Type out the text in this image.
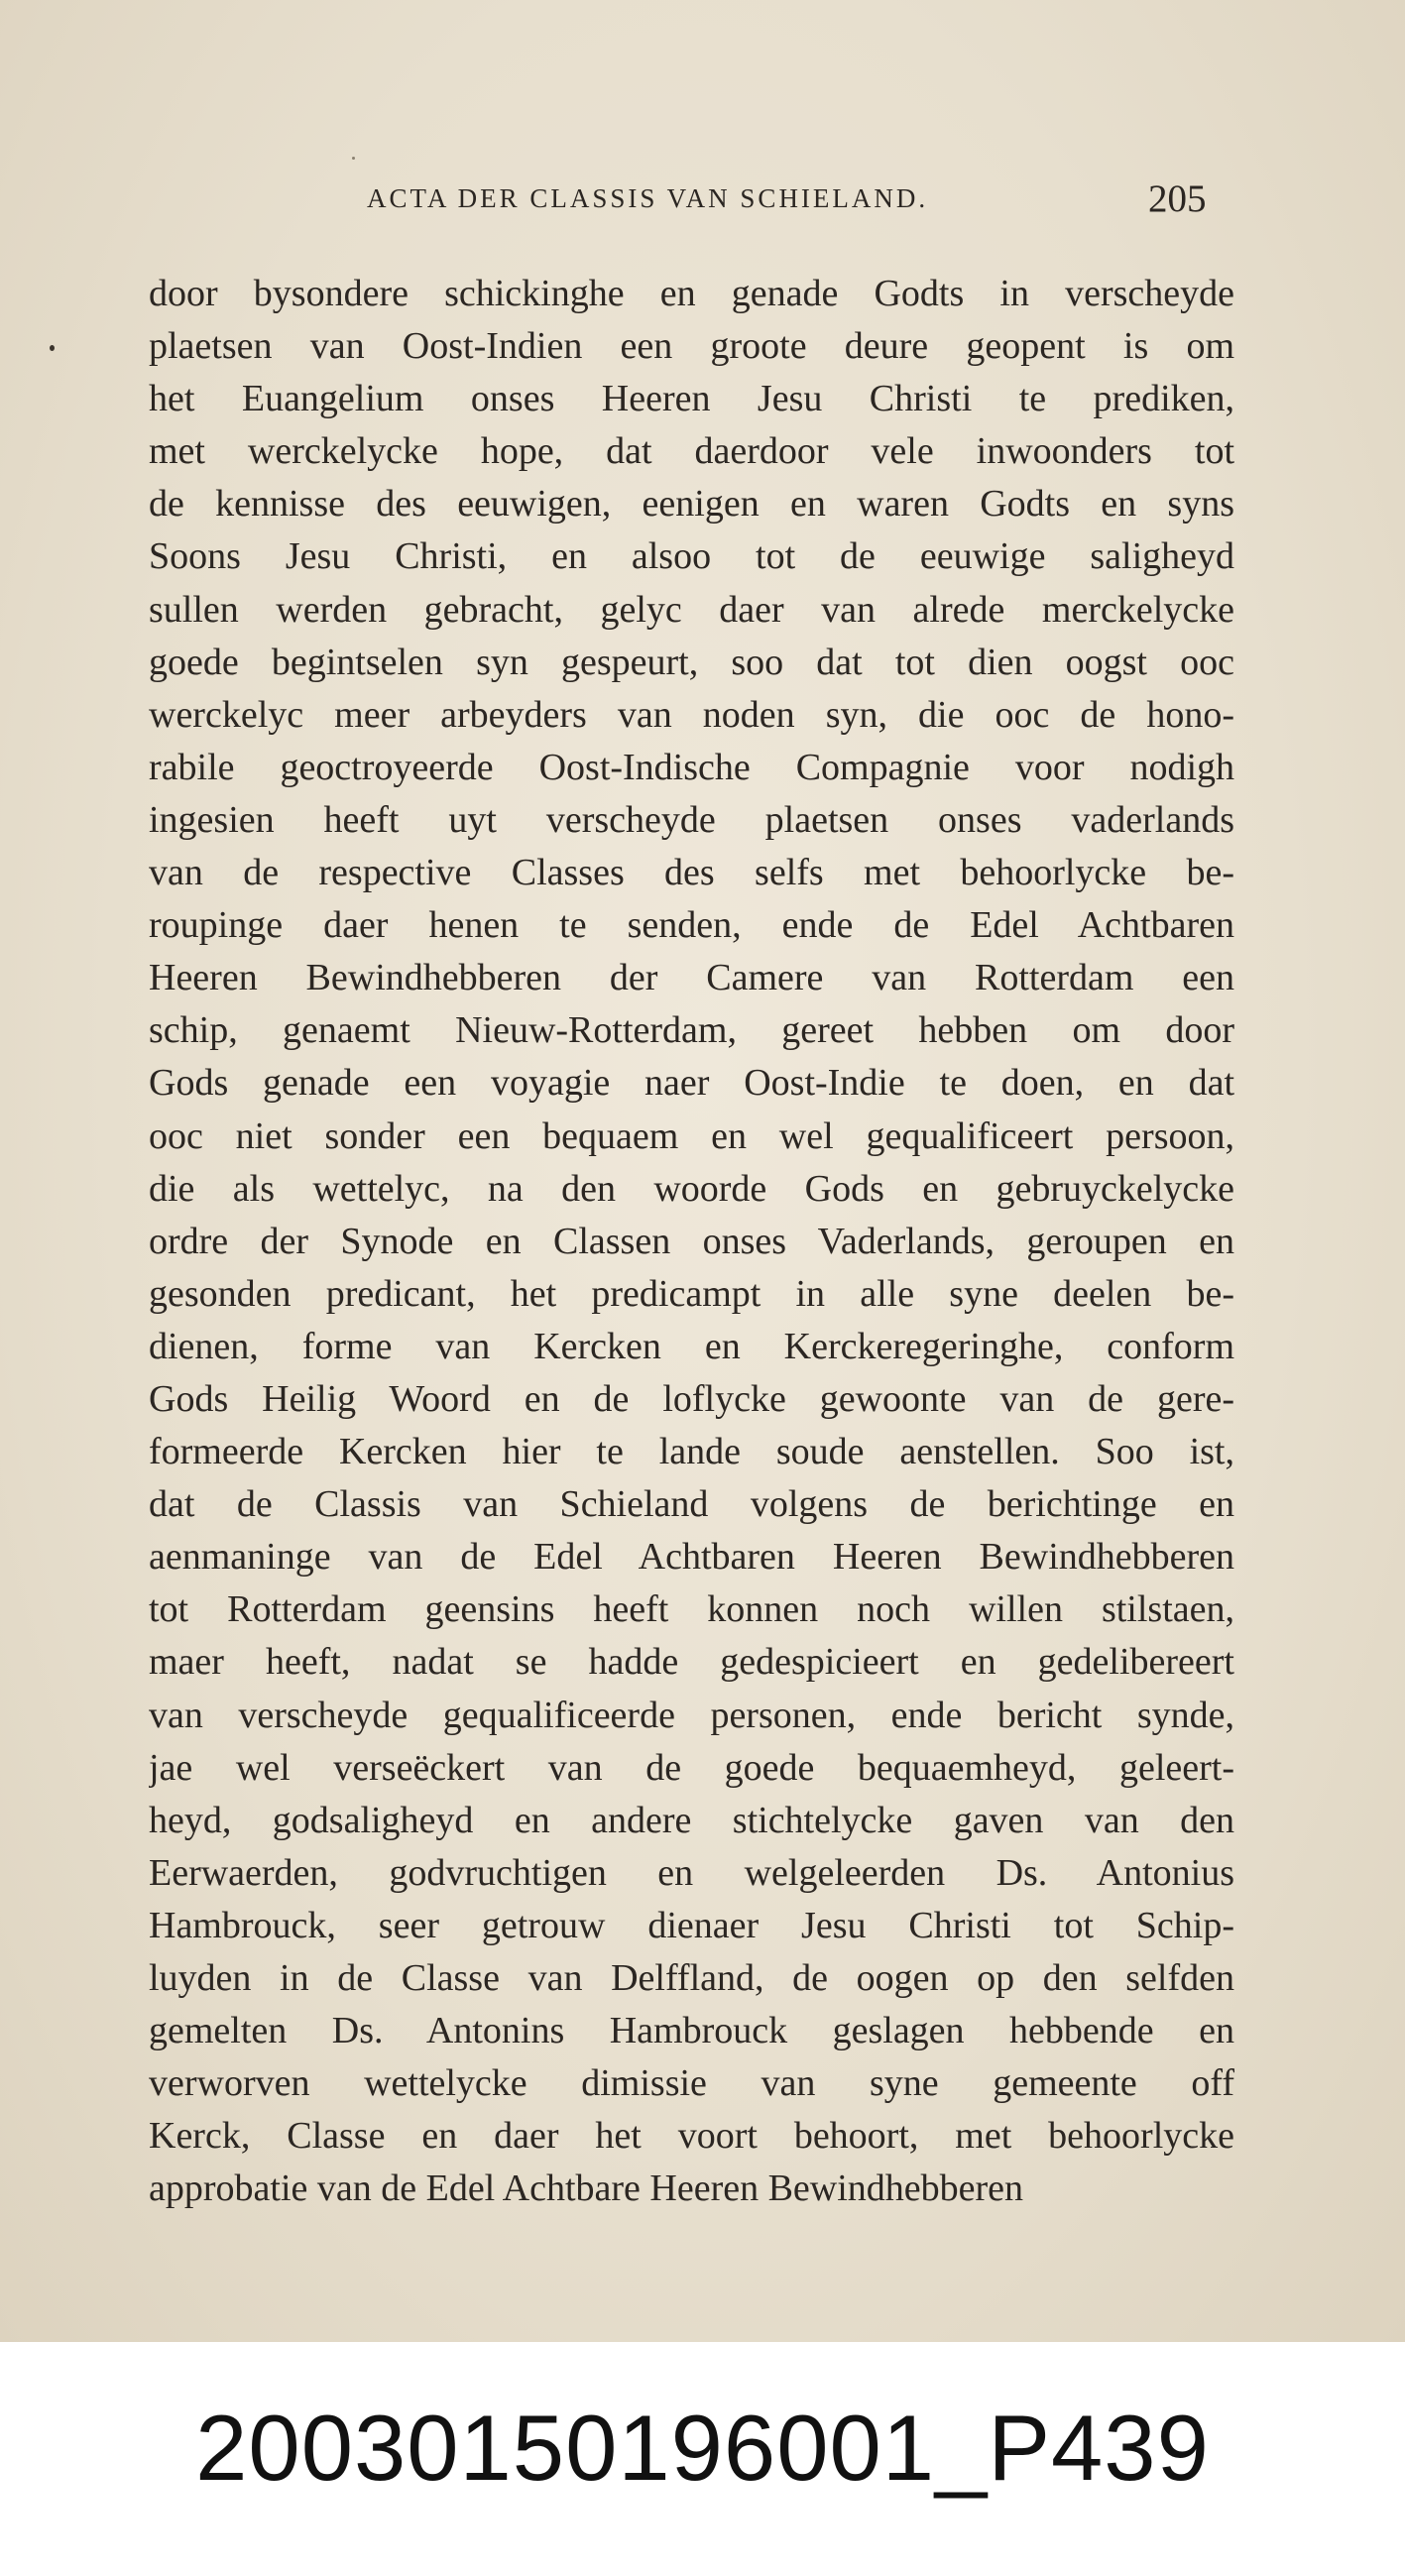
ACTA DER CLASSIS VAN SCHIELAND.	205
door bysondere schickinghe en genade Godts in verscheyde
plaetsen van Oost-Indien een groote deure geopent is om
het Euangelium onses Heeren Jesu Christi te prediken,
met werckelycke hope, dat daerdoor vele inwoonders tot
de kennisse des eeuwigen, eenigen en waren Godts en syns
Soons Jesu Christi, en alsoo tot de eeuwige saligheyd
sullen werden gebracht, gelyc daer van alrede merckelycke
goede begintselen syn gespeurt, soo dat tot dien oogst ooc
werckelyc meer arbeyders van noden syn, die ooc de hono-
rabile geoctroyeerde Oost-Indische Compagnie voor nodigh
ingesien heeft uyt verscheyde plaetsen onses vaderlands
van de respective Classes des selfs met behoorlycke be-
roupinge daer henen te senden, ende de Edel Achtbaren
Heeren Bewindhebberen der Camere van Rotterdam een
schip, genaemt Nieuw-Rotterdam, gereet hebben om door
Gods genade een voyagie naer Oost-Indie te doen, en dat
ooc niet sonder een bequaem en wel gequalificeert persoon,
die als wettelyc, na den woorde Gods en gebruyckelycke
ordre der Synode en Classen onses Vaderlands, geroupen en
gesonden predicant, het predicampt in alle syne deelen be-
dienen, forme van Kercken en Kerckeregeringhe, conform
Gods Heilig Woord en de loflycke gewoonte van de gere-
formeerde Kercken hier te lande soude aenstellen. Soo ist,
dat de Classis van Schieland volgens de berichtinge en
aenmaninge van de Edel Achtbaren Heeren Bewindhebberen
tot Rotterdam geensins heeft konnen noch willen stilstaen,
maer heeft, nadat se hadde gedespicieert en gedelibereert
van verscheyde gequalificeerde personen, ende bericht synde,
jae wel verseëckert van de goede bequaemheyd, geleert-
heyd, godsaligheyd en andere stichtelycke gaven van den
Eerwaerden, godvruchtigen en welgeleerden Ds. Antonius
Hambrouck, seer getrouw dienaer Jesu Christi tot Schip-
luyden in de Classe van Delffland, de oogen op den selfden
gemelten Ds. Antonins Hambrouck geslagen hebbende en
verworven wettelycke dimissie van syne gemeente off
Kerck, Classe en daer het voort behoort, met behoorlycke
approbatie van de Edel Achtbare Heeren Bewindhebberen
20030150196001_P439
